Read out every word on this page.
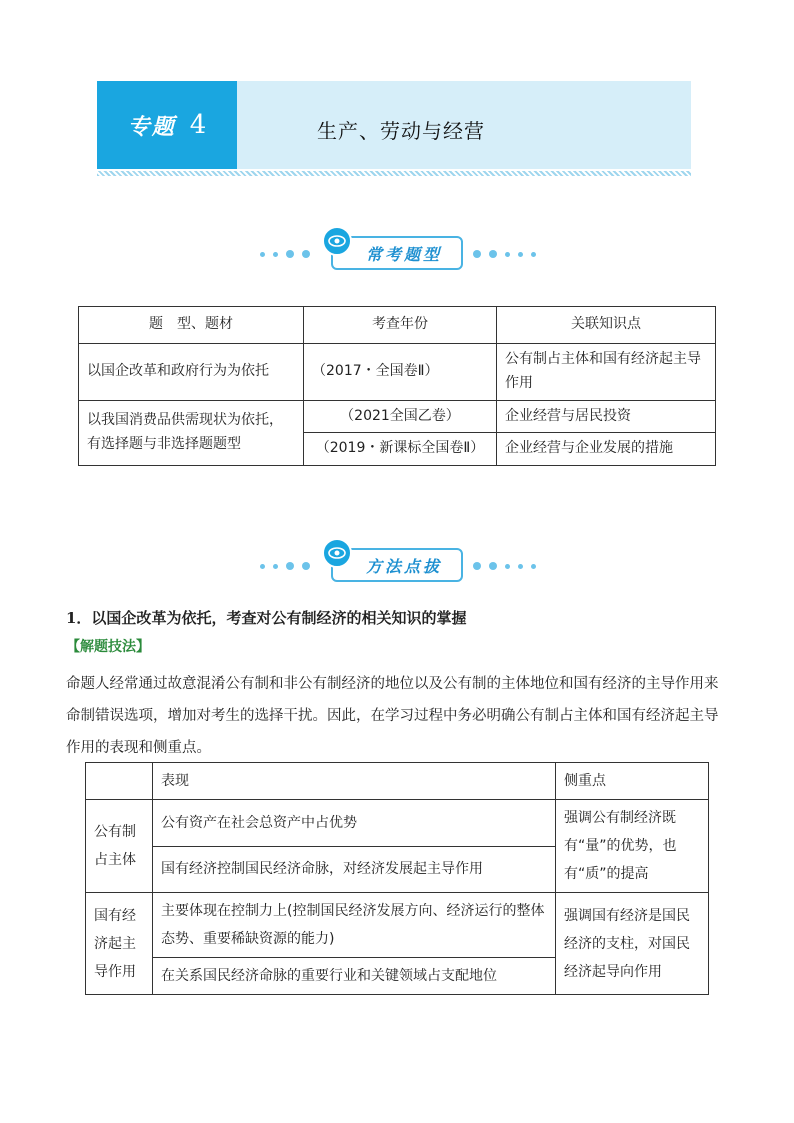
专题 4	生产、劳动与经营
常考题型
题　型、题材	考查年份	关联知识点
以国企改革和政府行为为依托	（2017・全国卷Ⅱ）	公有制占主体和国有经济起主导作用
以我国消费品供需现状为依托，有选择题与非选择题题型	（2021全国乙卷）	企业经营与居民投资
	（2019・新课标全国卷Ⅱ）	企业经营与企业发展的措施
方法点拔
1．以国企改革为依托，考查对公有制经济的相关知识的掌握
【解题技法】
命题人经常通过故意混淆公有制和非公有制经济的地位以及公有制的主体地位和国有经济的主导作用来命制错误选项，增加对考生的选择干扰。因此，在学习过程中务必明确公有制占主体和国有经济起主导作用的表现和侧重点。
	表现	侧重点
公有制占主体	公有资产在社会总资产中占优势	强调公有制经济既有“量”的优势，也有“质”的提高
	国有经济控制国民经济命脉，对经济发展起主导作用	
国有经济起主导作用	主要体现在控制力上(控制国民经济发展方向、经济运行的整体态势、重要稀缺资源的能力)	强调国有经济是国民经济的支柱，对国民经济起导向作用
	在关系国民经济命脉的重要行业和关键领域占支配地位	
